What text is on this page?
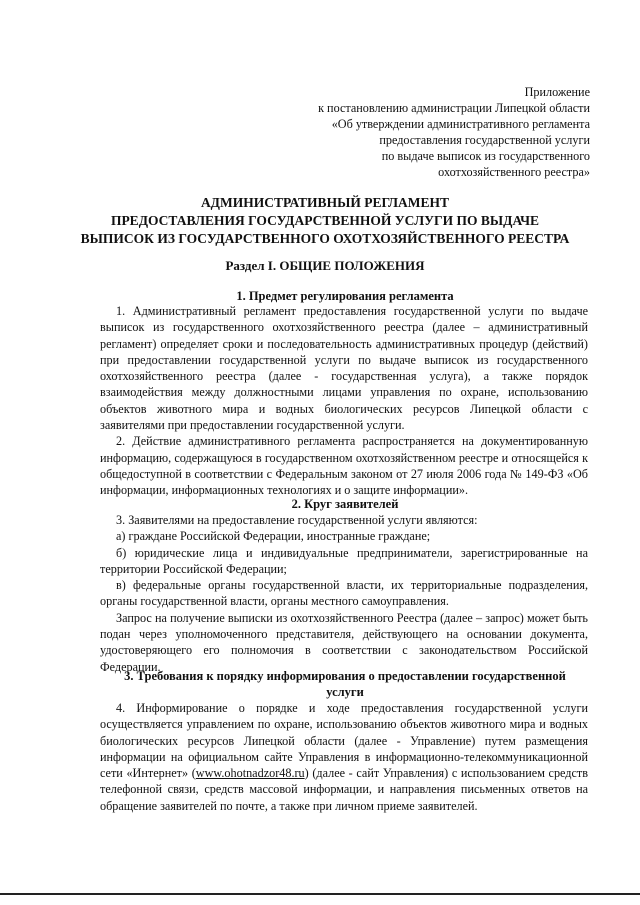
Приложение
к постановлению администрации Липецкой области
«Об утверждении административного регламента
предоставления государственной услуги
по выдаче выписок из государственного
охотхозяйственного реестра»
АДМИНИСТРАТИВНЫЙ РЕГЛАМЕНТ
ПРЕДОСТАВЛЕНИЯ ГОСУДАРСТВЕННОЙ УСЛУГИ ПО ВЫДАЧЕ
ВЫПИСОК ИЗ ГОСУДАРСТВЕННОГО ОХОТХОЗЯЙСТВЕННОГО РЕЕСТРА
Раздел I. ОБЩИЕ ПОЛОЖЕНИЯ
1. Предмет регулирования регламента

1. Административный регламент предоставления государственной услуги по выдаче выписок из государственного охотхозяйственного реестра (далее – административный регламент) определяет сроки и последовательность административных процедур (действий) при предоставлении государственной услуги по выдаче выписок из государственного охотхозяйственного реестра (далее - государственная услуга), а также порядок взаимодействия между должностными лицами управления по охране, использованию объектов животного мира и водных биологических ресурсов Липецкой области с заявителями при предоставлении государственной услуги.

2. Действие административного регламента распространяется на документированную информацию, содержащуюся в государственном охотхозяйственном реестре и относящейся к общедоступной в соответствии с Федеральным законом от 27 июля 2006 года № 149-ФЗ «Об информации, информационных технологиях и о защите информации».

2. Круг заявителей

3. Заявителями на предоставление государственной услуги являются:

а) граждане Российской Федерации, иностранные граждане;

б) юридические лица и индивидуальные предприниматели, зарегистрированные на территории Российской Федерации;

в) федеральные органы государственной власти, их территориальные подразделения, органы государственной власти, органы местного самоуправления.

Запрос на получение выписки из охотхозяйственного Реестра (далее – запрос) может быть подан через уполномоченного представителя, действующего на основании документа, удостоверяющего его полномочия в соответствии с законодательством Российской Федерации.

3. Требования к порядку информирования о предоставлении государственной
услуги

4. Информирование о порядке и ходе предоставления государственной услуги осуществляется управлением по охране, использованию объектов животного мира и водных биологических ресурсов Липецкой области (далее - Управление) путем размещения информации на официальном сайте Управления в информационно-телекоммуникационной сети «Интернет» (www.ohotnadzor48.ru) (далее - сайт Управления) с использованием средств телефонной связи, средств массовой информации, и направления письменных ответов на обращение заявителей по почте, а также при личном приеме заявителей.
